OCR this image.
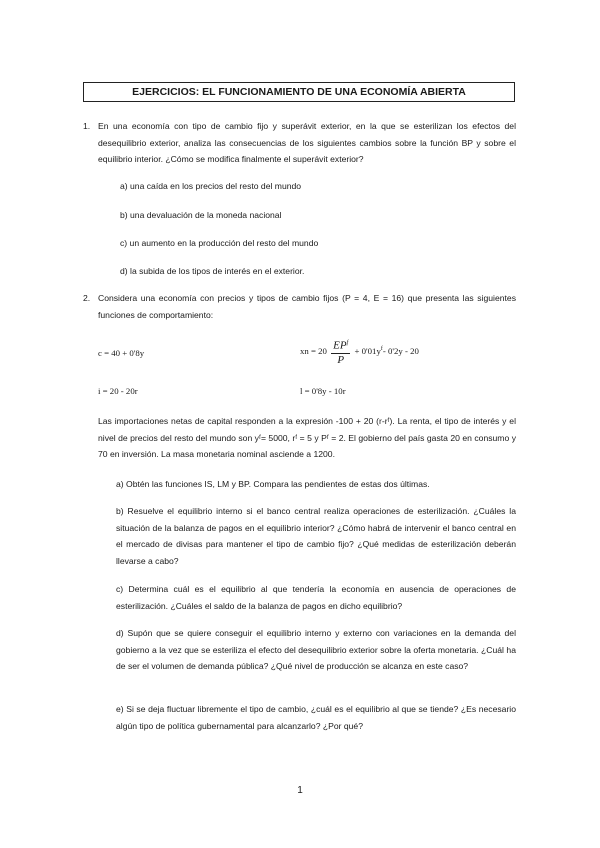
EJERCICIOS: EL FUNCIONAMIENTO DE UNA ECONOMÍA ABIERTA
1. En una economía con tipo de cambio fijo y superávit exterior, en la que se esterilizan los efectos del desequilibrio exterior, analiza las consecuencias de los siguientes cambios sobre la función BP y sobre el equilibrio interior. ¿Cómo se modifica finalmente el superávit exterior?
a) una caída en los precios del resto del mundo
b) una devaluación de la moneda nacional
c) un aumento en la producción del resto del mundo
d) la subida de los tipos de interés en el exterior.
2. Considera una economía con precios y tipos de cambio fijos (P = 4, E = 16) que presenta las siguientes funciones de comportamiento:
c = 40 + 0'8y
i = 20 - 20r
xn = $20 \frac{EP^f}{P} + 0'01y^f-$ 0'2y - 20
l = 0'8y - 10r
Las importaciones netas de capital responden a la expresión -100 + 20 (r-rᶠ). La renta, el tipo de interés y el nivel de precios del resto del mundo son yᶠ= 5000, rᶠ = 5 y Pᶠ = 2. El gobierno del país gasta 20 en consumo y 70 en inversión. La masa monetaria nominal asciende a 1200.
a) Obtén las funciones IS, LM y BP. Compara las pendientes de estas dos últimas.
b) Resuelve el equilibrio interno si el banco central realiza operaciones de esterilización. ¿Cuáles la situación de la balanza de pagos en el equilibrio interior? ¿Cómo habrá de intervenir el banco central en el mercado de divisas para mantener el tipo de cambio fijo? ¿Qué medidas de esterilización deberán llevarse a cabo?
c) Determina cuál es el equilibrio al que tendería la economía en ausencia de operaciones de esterilización. ¿Cuáles el saldo de la balanza de pagos en dicho equilibrio?
d) Supón que se quiere conseguir el equilibrio interno y externo con variaciones en la demanda del gobierno a la vez que se esteriliza el efecto del desequilibrio exterior sobre la oferta monetaria. ¿Cuál ha de ser el volumen de demanda pública? ¿Qué nivel de producción se alcanza en este caso?
e) Si se deja fluctuar libremente el tipo de cambio, ¿cuál es el equilibrio al que se tiende? ¿Es necesario algún tipo de política gubernamental para alcanzarlo? ¿Por qué?
1
